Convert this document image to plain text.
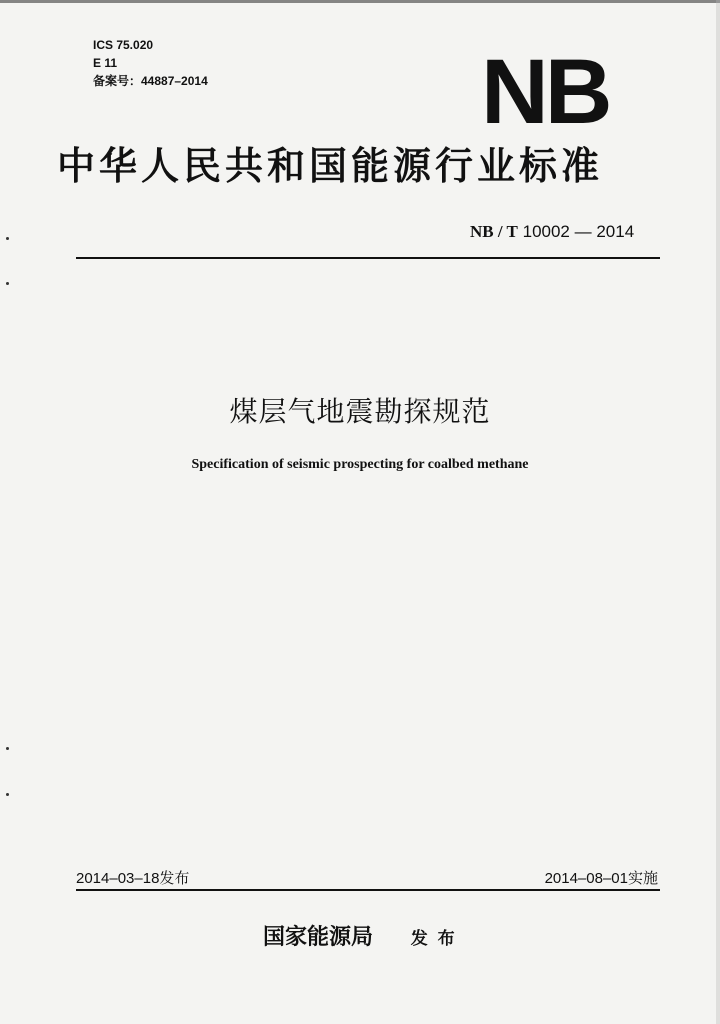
ICS 75.020
E 11
备案号：44887–2014	NB
中华人民共和国能源行业标准
NB / T 10002 — 2014
煤层气地震勘探规范
Specification of seismic prospecting for coalbed methane
2014–03–18发布	2014–08–01实施
国家能源局 发布
